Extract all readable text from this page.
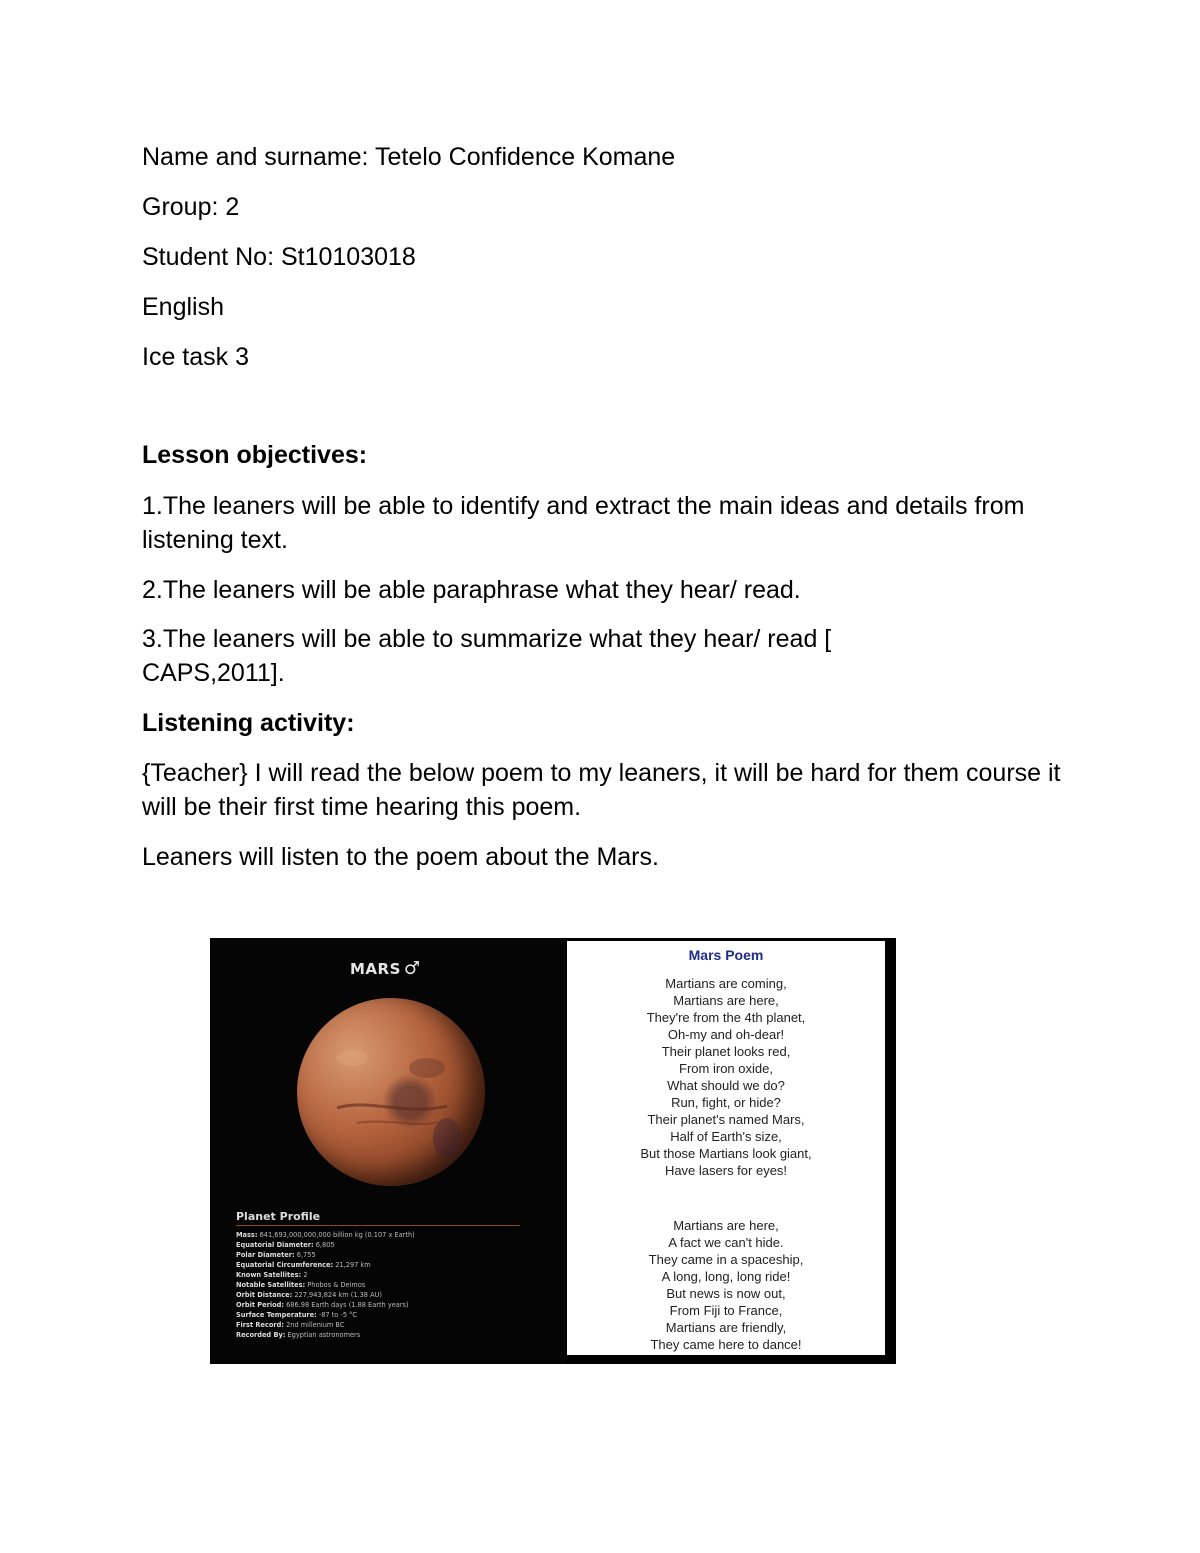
Name and surname: Tetelo Confidence Komane
Group: 2
Student No: St10103018
English
Ice task 3
Lesson objectives:
1.The leaners will be able to identify and extract the main ideas and details from listening text.
2.The leaners will be able paraphrase what they hear/ read.
3.The leaners will be able to summarize what they hear/ read [ CAPS,2011].
Listening activity:
{Teacher} I will read the below poem to my leaners, it will be hard for them course it will be their first time hearing this poem.
Leaners will listen to the poem about the Mars.
MARS ♂
Planet Profile
Mass: 641,693,000,000,000 billion kg (0.107 x Earth)
Equatorial Diameter: 6,805
Polar Diameter: 6,755
Equatorial Circumference: 21,297 km
Known Satellites: 2
Notable Satellites: Phobos & Deimos
Orbit Distance: 227,943,824 km (1.38 AU)
Orbit Period: 686.98 Earth days (1.88 Earth years)
Surface Temperature: -87 to -5 °C
First Record: 2nd millenium BC
Recorded By: Egyptian astronomers
Mars Poem
Martians are coming,
Martians are here,
They're from the 4th planet,
Oh-my and oh-dear!
Their planet looks red,
From iron oxide,
What should we do?
Run, fight, or hide?
Their planet's named Mars,
Half of Earth's size,
But those Martians look giant,
Have lasers for eyes!
Martians are here,
A fact we can't hide.
They came in a spaceship,
A long, long, long ride!
But news is now out,
From Fiji to France,
Martians are friendly,
They came here to dance!
